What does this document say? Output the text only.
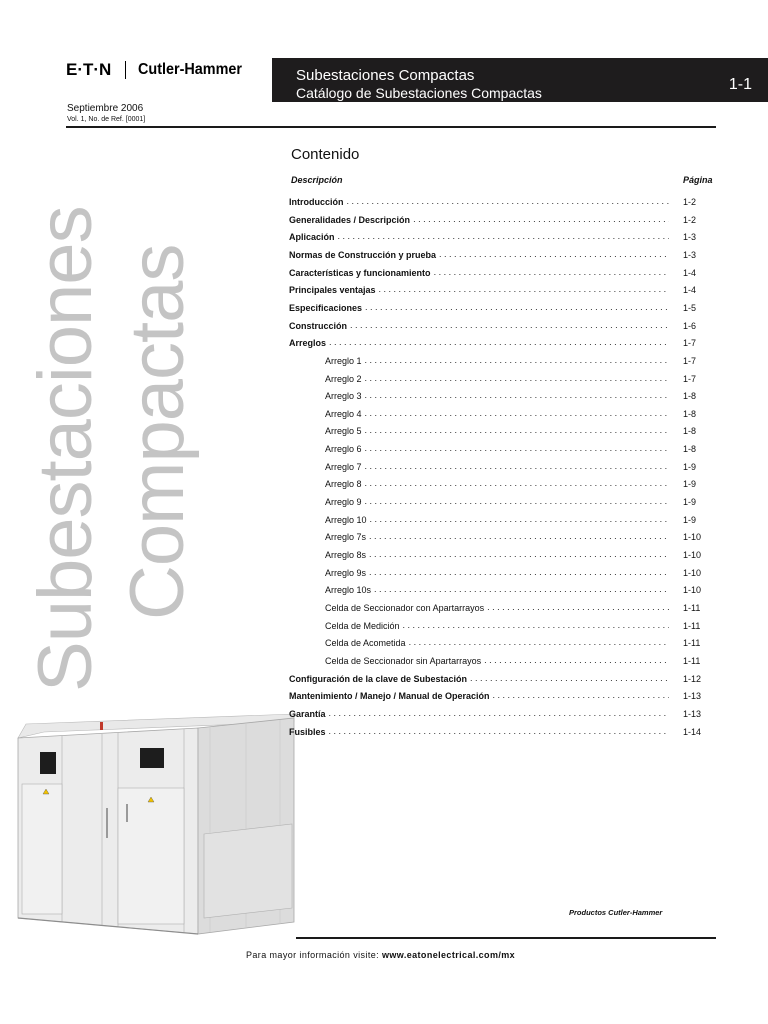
E·T·N Cutler-Hammer	Subestaciones Compactas
Catálogo de Subestaciones Compactas	1-1
Septiembre 2006
Vol. 1, No. de Ref. [0001]
Subestaciones Compactas
Contenido
Descripción	Página
Introducción . . .	1-2
Generalidades / Descripción . . .	1-2
Aplicación . . .	1-3
Normas de Construcción y prueba . . .	1-3
Características y funcionamiento . . .	1-4
Principales ventajas . . .	1-4
Especificaciones . . .	1-5
Construcción . . .	1-6
Arreglos . . .	1-7
Arreglo 1 . . .	1-7
Arreglo 2 . . .	1-7
Arreglo 3 . . .	1-8
Arreglo 4 . . .	1-8
Arreglo 5 . . .	1-8
Arreglo 6 . . .	1-8
Arreglo 7 . . .	1-9
Arreglo 8 . . .	1-9
Arreglo 9 . . .	1-9
Arreglo 10 . . .	1-9
Arreglo 7s . . .	1-10
Arreglo 8s . . .	1-10
Arreglo 9s . . .	1-10
Arreglo 10s . . .	1-10
Celda de Seccionador con Apartarrayos . . .	1-11
Celda de Medición . . .	1-11
Celda de Acometida . . .	1-11
Celda de Seccionador sin Apartarrayos . . .	1-11
Configuración de la clave de Subestación . . .	1-12
Mantenimiento / Manejo / Manual de Operación . . .	1-13
Garantía . . .	1-13
Fusibles . . .	1-14
Productos Cutler-Hammer
Para mayor información visite: www.eatonelectrical.com/mx
